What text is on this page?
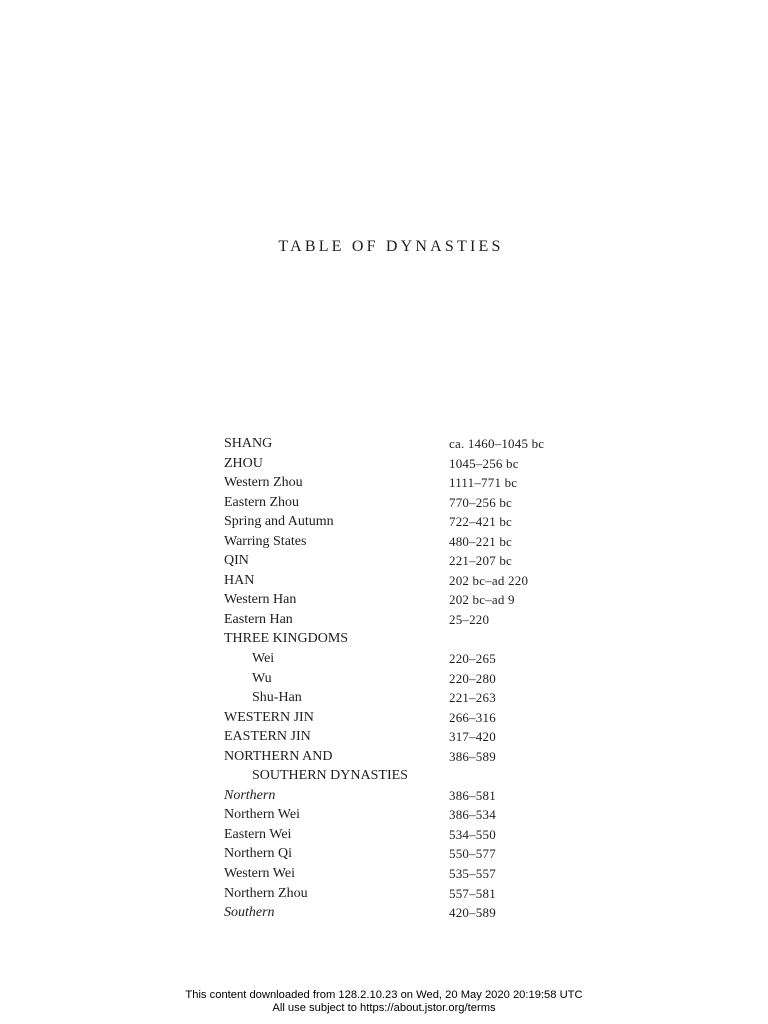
TABLE OF DYNASTIES
SHANG	ca. 1460–1045 bc
ZHOU	1045–256 bc
Western Zhou	1111–771 bc
Eastern Zhou	770–256 bc
Spring and Autumn	722–421 bc
Warring States	480–221 bc
QIN	221–207 bc
HAN	202 bc–ad 220
Western Han	202 bc–ad 9
Eastern Han	25–220
THREE KINGDOMS
Wei	220–265
Wu	220–280
Shu-Han	221–263
WESTERN JIN	266–316
EASTERN JIN	317–420
NORTHERN AND	386–589
SOUTHERN DYNASTIES
Northern	386–581
Northern Wei	386–534
Eastern Wei	534–550
Northern Qi	550–577
Western Wei	535–557
Northern Zhou	557–581
Southern	420–589
This content downloaded from 128.2.10.23 on Wed, 20 May 2020 20:19:58 UTC
All use subject to https://about.jstor.org/terms
